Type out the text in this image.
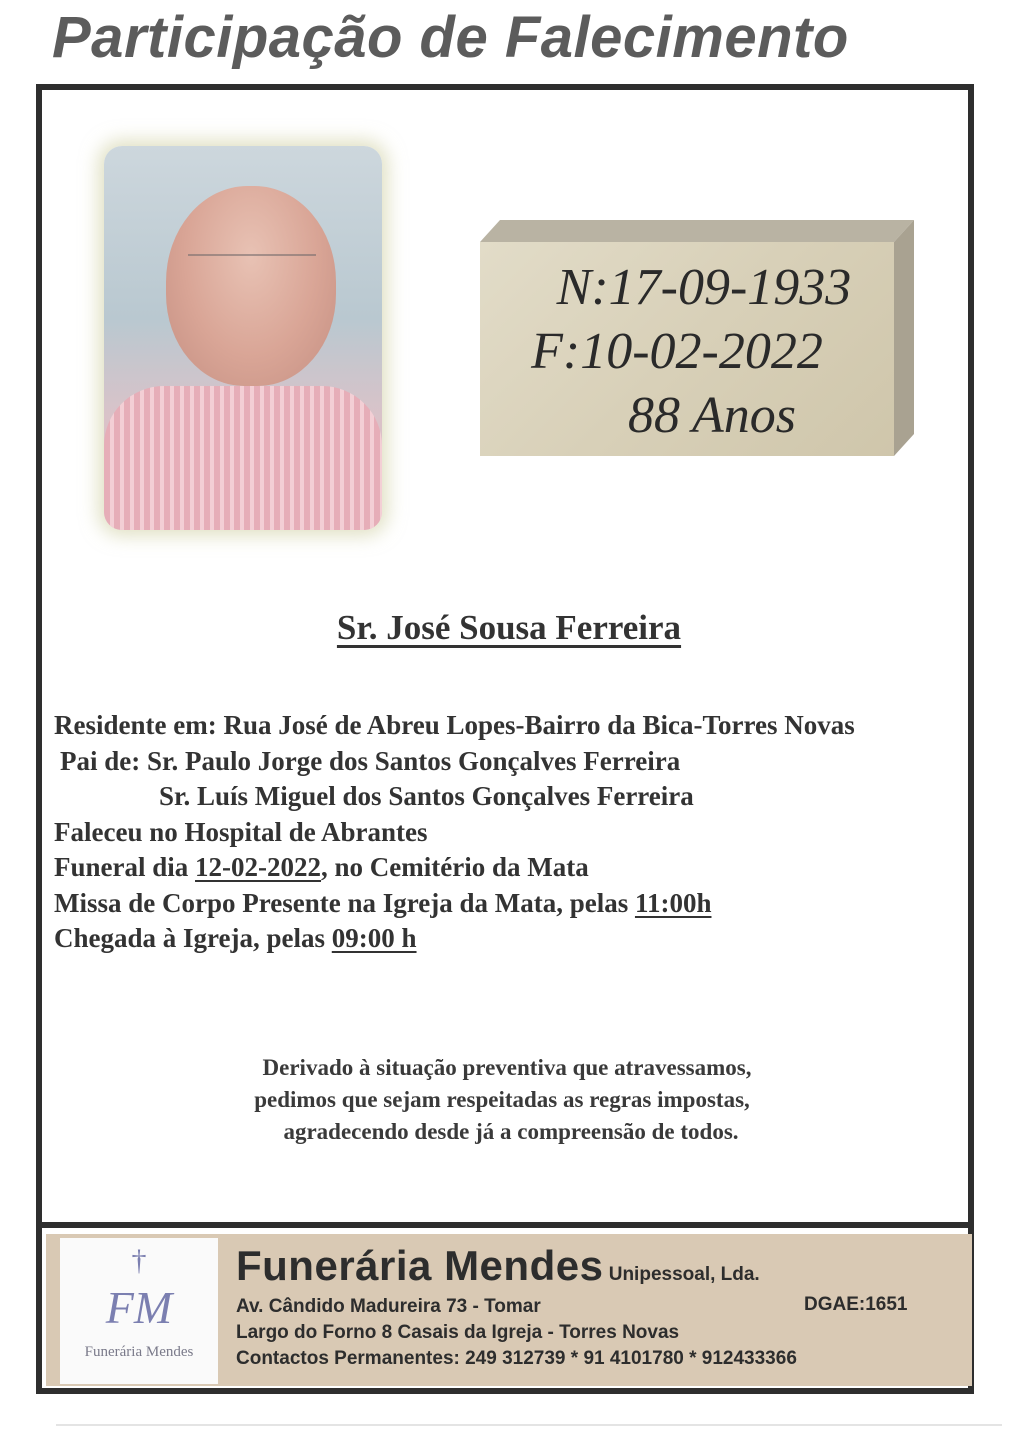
Participação de Falecimento
N:17-09-1933
F:10-02-2022
88 Anos
Sr. José Sousa Ferreira
Residente em: Rua José de Abreu Lopes-Bairro da Bica-Torres Novas
Pai de: Sr. Paulo Jorge dos Santos Gonçalves Ferreira
Sr. Luís Miguel dos Santos Gonçalves Ferreira
Faleceu no Hospital de Abrantes
Funeral dia 12-02-2022, no Cemitério da Mata
Missa de Corpo Presente na Igreja da Mata, pelas 11:00h
Chegada à Igreja, pelas 09:00 h
Derivado à situação preventiva que atravessamos,
pedimos que sejam respeitadas as regras impostas,
agradecendo desde já a compreensão de todos.
†
FM
Funerária Mendes
Funerária Mendes Unipessoal, Lda.
Av. Cândido Madureira 73 - Tomar	DGAE:1651
Largo do Forno 8 Casais da Igreja - Torres Novas
Contactos Permanentes: 249 312739 * 91 4101780 * 912433366
